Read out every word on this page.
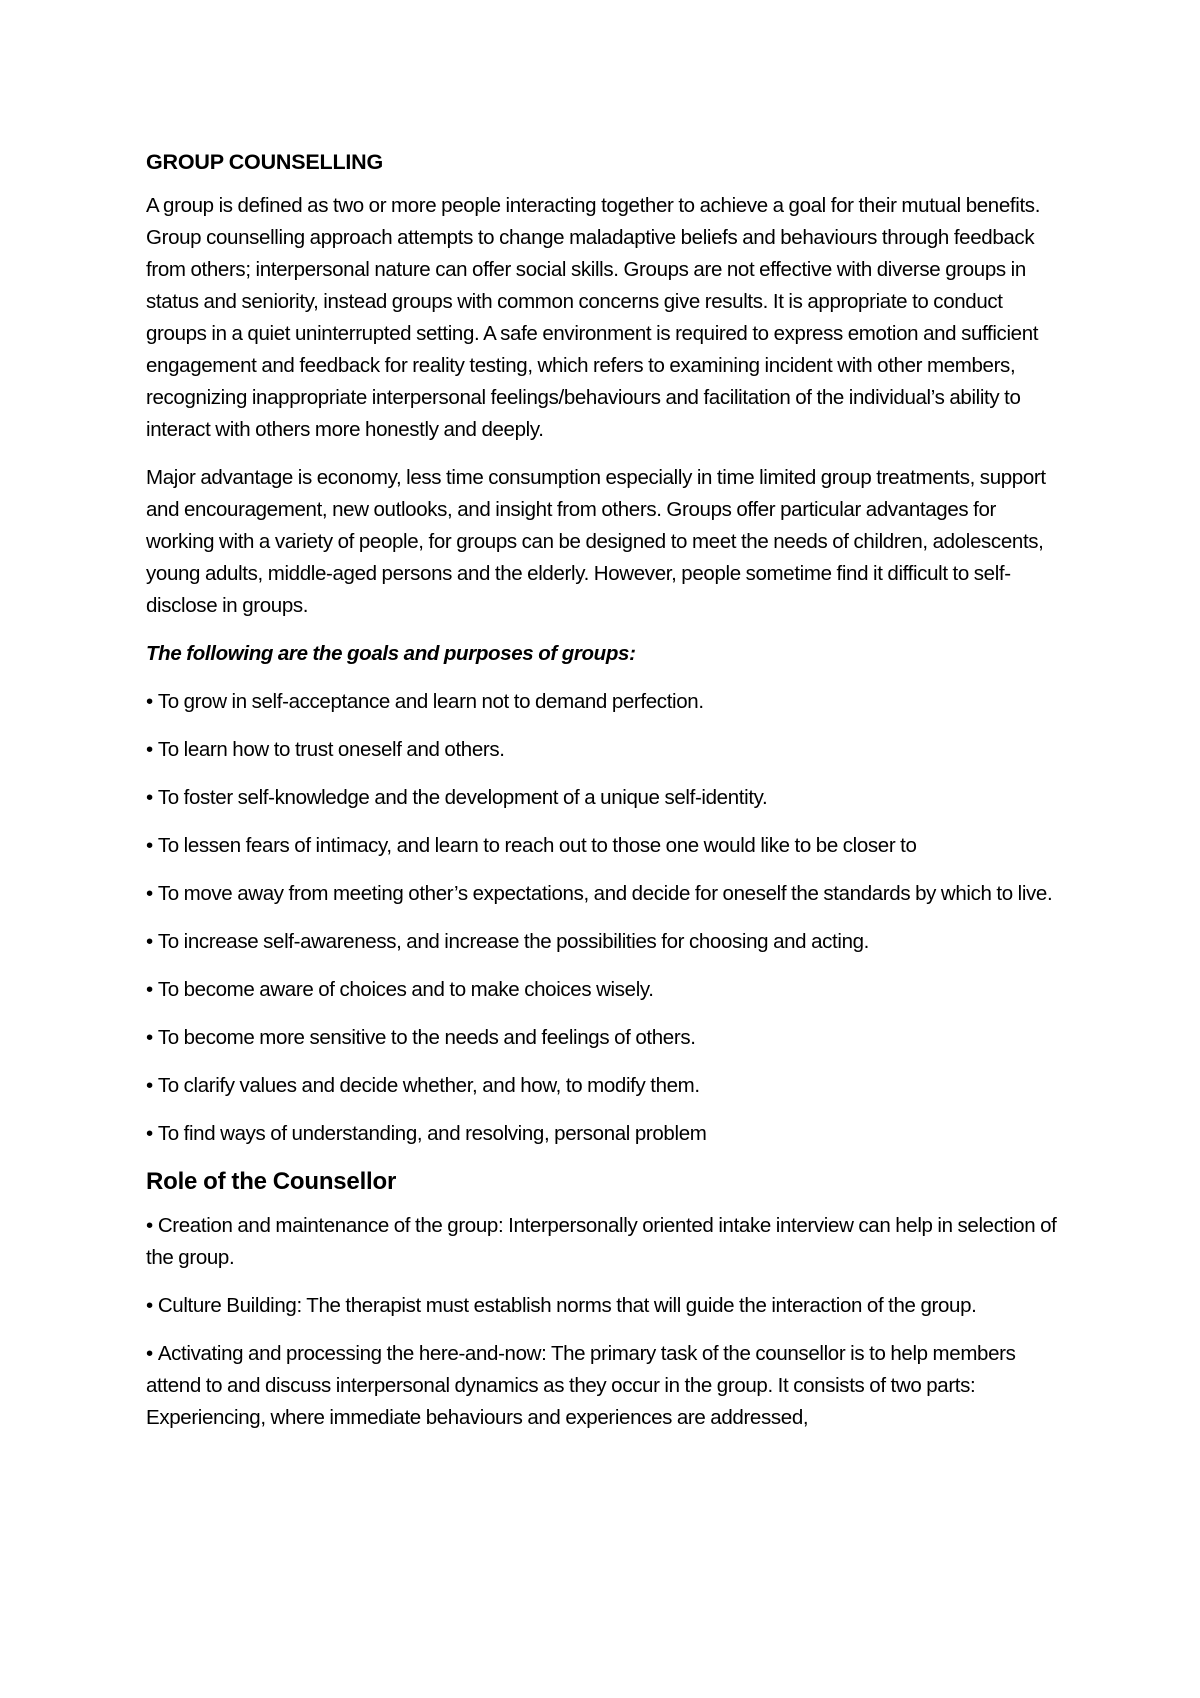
GROUP COUNSELLING

A group is defined as two or more people interacting together to achieve a goal for their mutual benefits. Group counselling approach attempts to change maladaptive beliefs and behaviours through feedback from others; interpersonal nature can offer social skills. Groups are not effective with diverse groups in status and seniority, instead groups with common concerns give results. It is appropriate to conduct groups in a quiet uninterrupted setting. A safe environment is required to express emotion and sufficient engagement and feedback for reality testing, which refers to examining incident with other members, recognizing inappropriate interpersonal feelings/behaviours and facilitation of the individual’s ability to interact with others more honestly and deeply.

Major advantage is economy, less time consumption especially in time limited group treatments, support and encouragement, new outlooks, and insight from others. Groups offer particular advantages for working with a variety of people, for groups can be designed to meet the needs of children, adolescents, young adults, middle-aged persons and the elderly. However, people sometime find it difficult to self-disclose in groups.

The following are the goals and purposes of groups:

• To grow in self-acceptance and learn not to demand perfection.
• To learn how to trust oneself and others.
• To foster self-knowledge and the development of a unique self-identity.
• To lessen fears of intimacy, and learn to reach out to those one would like to be closer to
• To move away from meeting other’s expectations, and decide for oneself the standards by which to live.
• To increase self-awareness, and increase the possibilities for choosing and acting.
• To become aware of choices and to make choices wisely.
• To become more sensitive to the needs and feelings of others.
• To clarify values and decide whether, and how, to modify them.
• To find ways of understanding, and resolving, personal problem
Role of the Counsellor
• Creation and maintenance of the group: Interpersonally oriented intake interview can help in selection of the group.
• Culture Building: The therapist must establish norms that will guide the interaction of the group.
• Activating and processing the here-and-now: The primary task of the counsellor is to help members attend to and discuss interpersonal dynamics as they occur in the group. It consists of two parts: Experiencing, where immediate behaviours and experiences are addressed,
